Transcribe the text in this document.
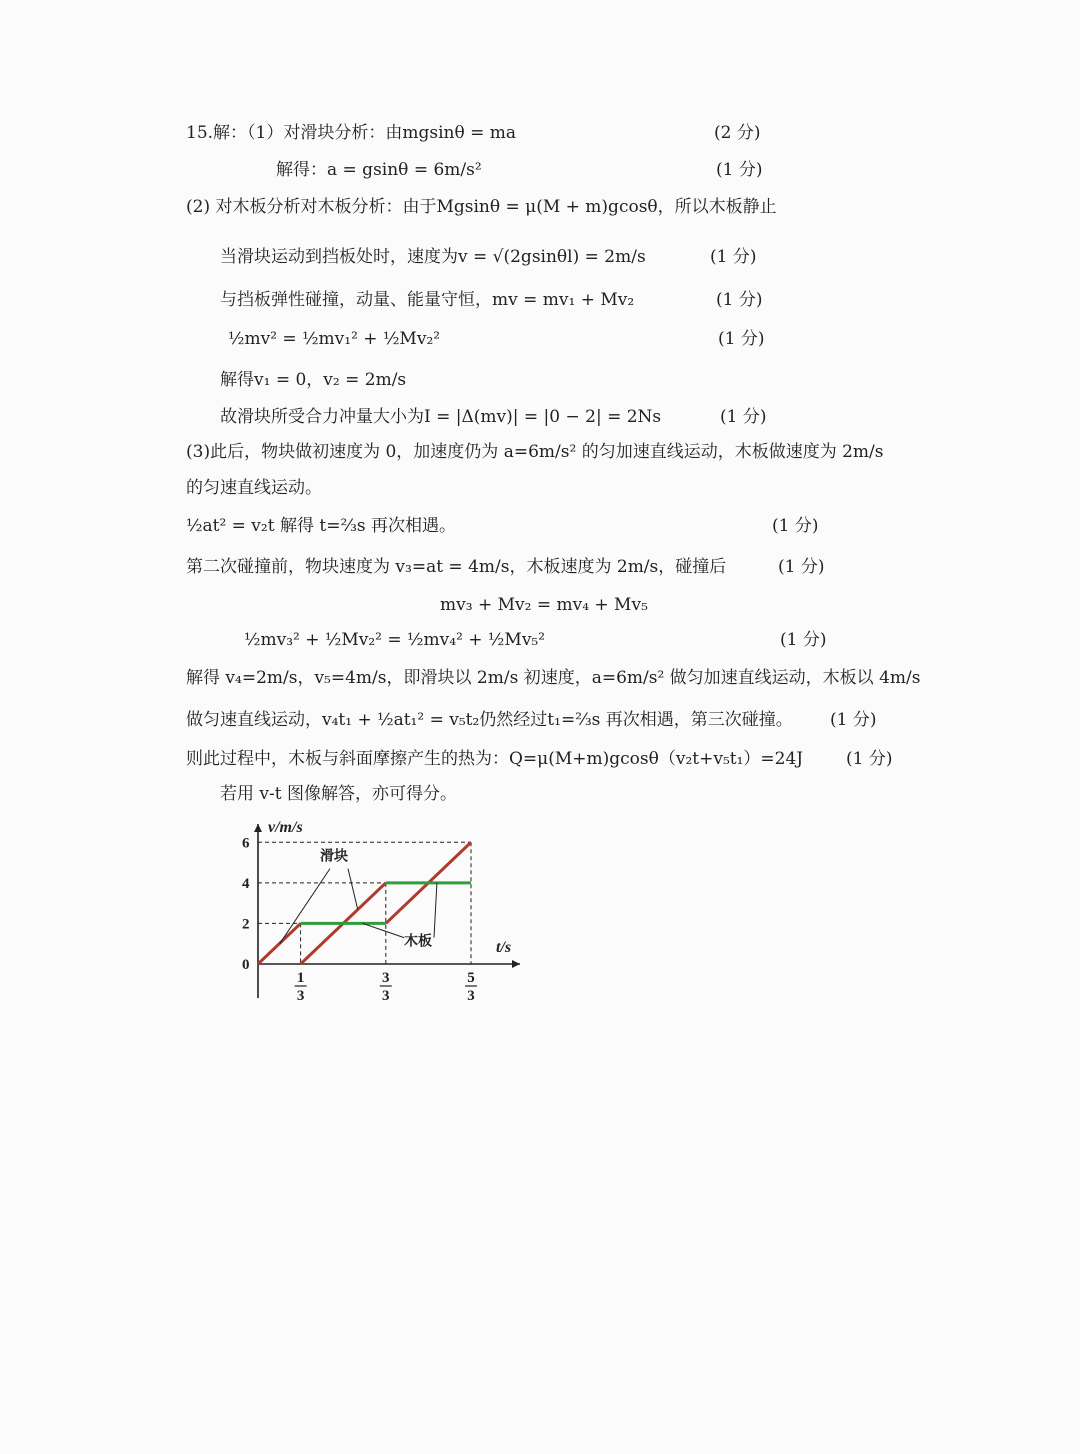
15.解：（1）对滑块分析：由mgsinθ = ma	(2 分)
解得：a = gsinθ = 6m/s²	(1 分)
(2) 对木板分析对木板分析：由于Mgsinθ = μ(M + m)gcosθ，所以木板静止
当滑块运动到挡板处时，速度为v = √(2gsinθl) = 2m/s	(1 分)
与挡板弹性碰撞，动量、能量守恒，mv = mv₁ + Mv₂	(1 分)
½mv² = ½mv₁² + ½Mv₂²	(1 分)
解得v₁ = 0，v₂ = 2m/s
故滑块所受合力冲量大小为I = |Δ(mv)| = |0 − 2| = 2Ns	(1 分)
(3)此后，物块做初速度为 0，加速度仍为 a=6m/s² 的匀加速直线运动，木板做速度为 2m/s
的匀速直线运动。
½at² = v₂t 解得 t=⅔s 再次相遇。	(1 分)
第二次碰撞前，物块速度为 v₃=at = 4m/s，木板速度为 2m/s，碰撞后	(1 分)
mv₃ + Mv₂ = mv₄ + Mv₅
½mv₃² + ½Mv₂² = ½mv₄² + ½Mv₅²	(1 分)
解得 v₄=2m/s，v₅=4m/s，即滑块以 2m/s 初速度，a=6m/s² 做匀加速直线运动，木板以 4m/s
做匀速直线运动，v₄t₁ + ½at₁² = v₅t₂仍然经过t₁=⅔s 再次相遇，第三次碰撞。 (1 分)
则此过程中，木板与斜面摩擦产生的热为：Q=μ(M+m)gcosθ（v₂t+v₅t₁）=24J	(1 分)
若用 v-t 图像解答，亦可得分。
v/m/s
t/s
0
2
4
6
1
3
3
3
5
3
滑块
木板
